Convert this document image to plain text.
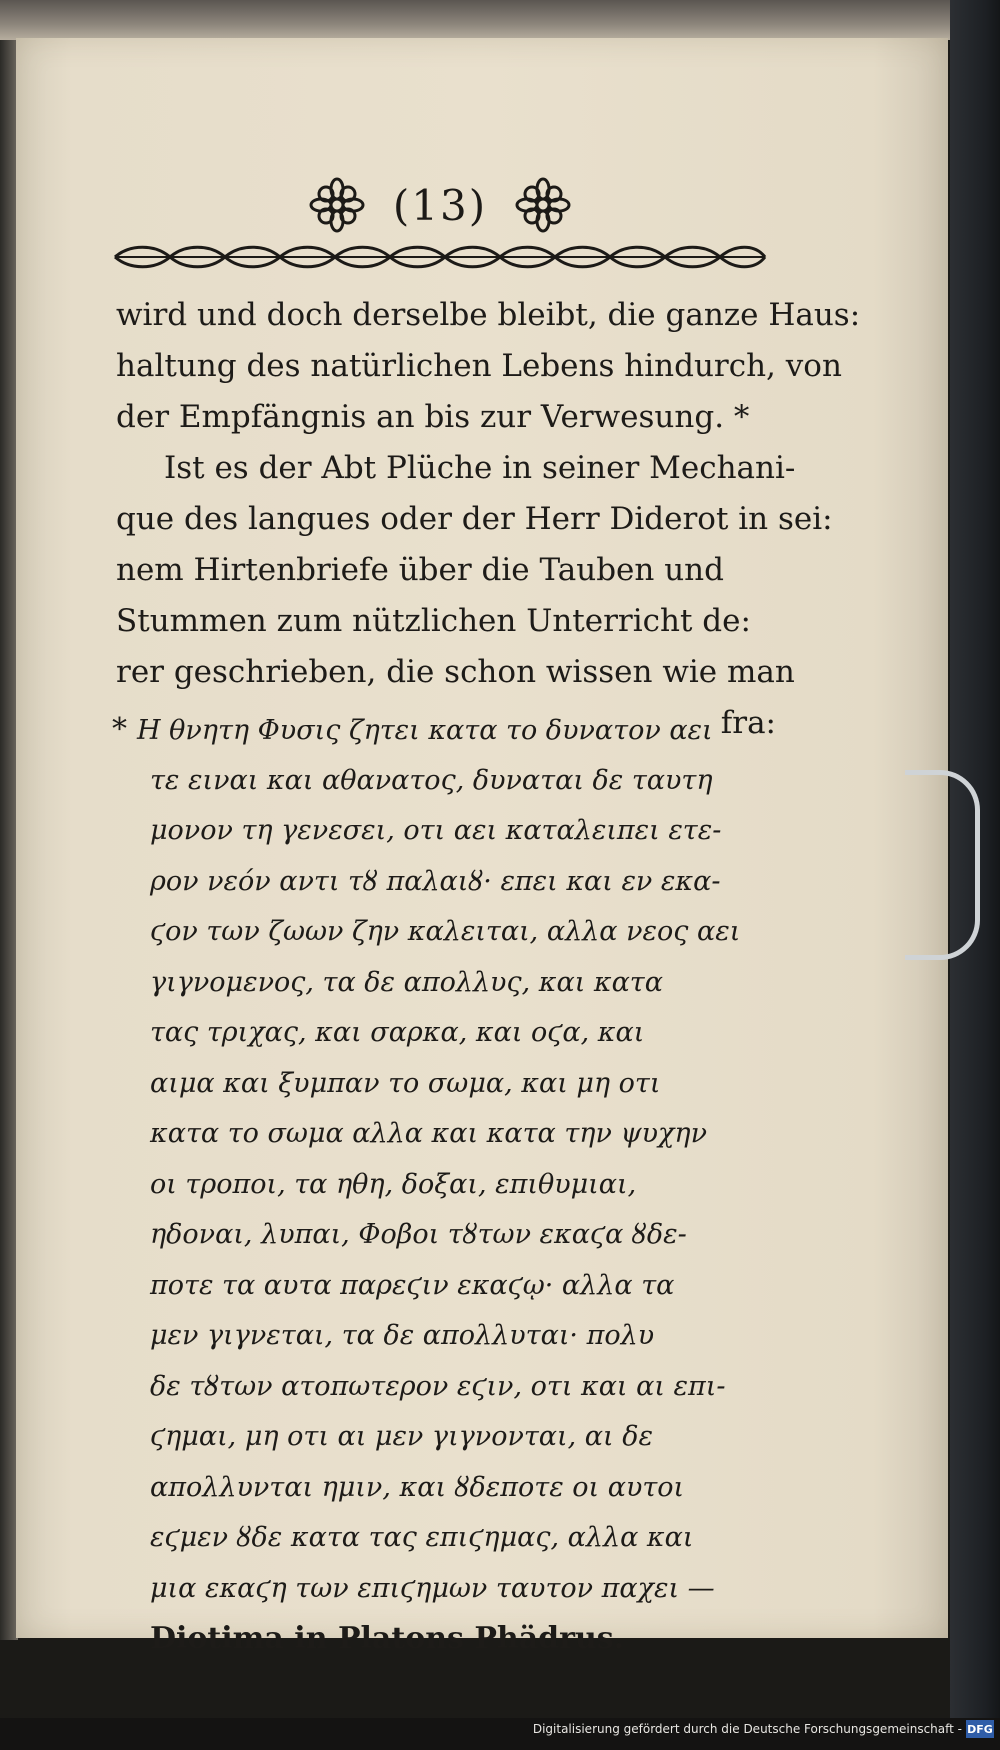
(13)
wird und doch derselbe bleibt, die ganze Haus:
haltung des natürlichen Lebens hindurch, von
der Empfängnis an bis zur Verwesung. *
Ist es der Abt Plüche in seiner Mechani-
que des langues oder der Herr Diderot in sei:
nem Hirtenbriefe über die Tauben und
Stummen zum nützlichen Unterricht de:
rer geschrieben, die schon wissen wie man
fra:
* Η θνητη Φυσις ζητει κατα το δυνατον αει
τε ειναι και αθανατος, δυναται δε ταυτη
μονον τη γενεσει, οτι αει καταλειπει ετε-
ρον νεόν αντι τȣ παλαιȣ· επει και εν εκα-
ϛον των ζωων ζην καλειται, αλλα νεος αει
γιγνομενος, τα δε απολλυς, και κατα
τας τριχας, και σαρκα, και οϛα, και
αιμα και ξυμπαν το σωμα, και μη οτι
κατα το σωμα αλλα και κατα την ψυχην
οι τροποι, τα ηθη, δοξαι, επιθυμιαι,
ηδοναι, λυπαι, Φοβοι τȣτων εκαϛα ȣδε-
ποτε τα αυτα παρεϛιν εκαϛῳ· αλλα τα
μεν γιγνεται, τα δε απολλυται· πολυ
δε τȣτων ατοπωτερον εϛιν, οτι και αι επι-
ϛημαι, μη οτι αι μεν γιγνονται, αι δε
απολλυνται ημιν, και ȣδεποτε οι αυτοι
εϛμεν ȣδε κατα τας επιϛημας, αλλα και
μια εκαϛη των επιϛημων ταυτον παχει —
Diotima in Platons Phädrus.
Digitalisierung gefördert durch die Deutsche Forschungsgemeinschaft - DFG
